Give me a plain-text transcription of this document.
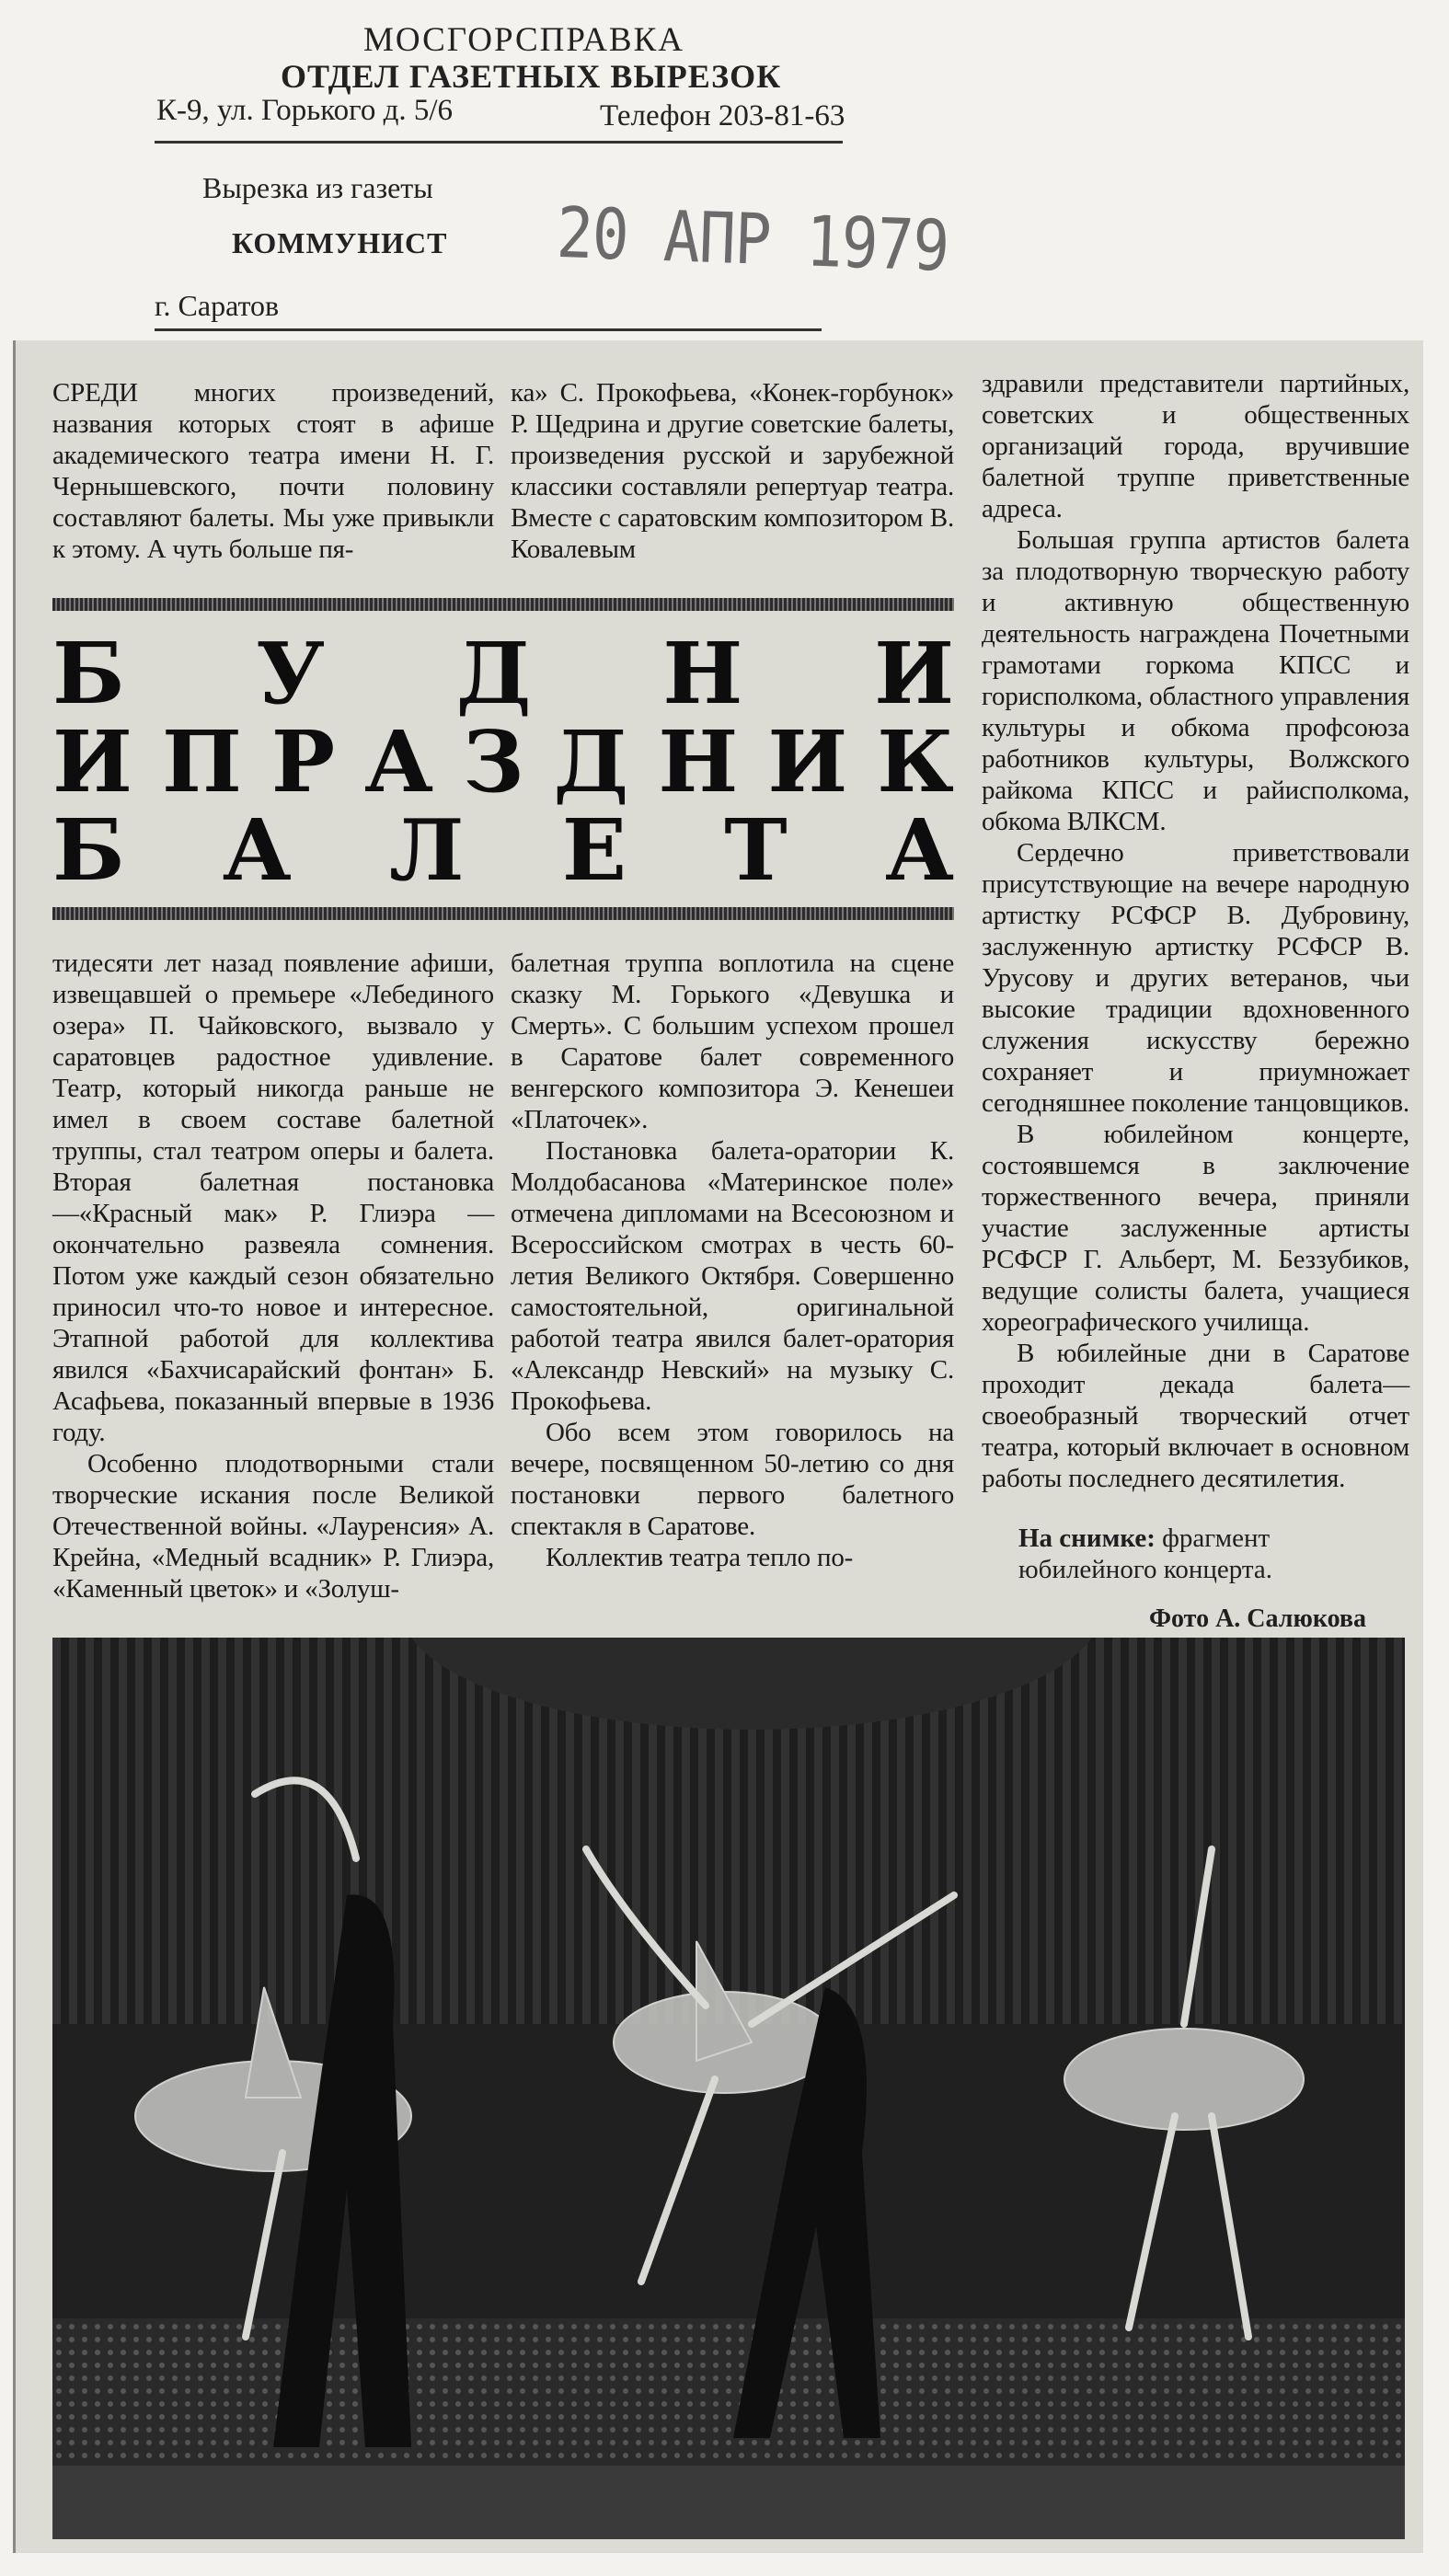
МОСГОРСПРАВКА
ОТДЕЛ ГАЗЕТНЫХ ВЫРЕЗОК
К-9, ул. Горького д. 5/6	Телефон 203-81-63
Вырезка из газеты
КОММУНИСТ 20 АПР 1979
г. Саратов

СРЕДИ многих произведений, названия которых стоят в афише академического театра имени Н. Г. Чернышевского, почти половину составляют балеты. Мы уже привыкли к этому. А чуть больше пя-

ка» С. Прокофьева, «Конек-горбунок» Р. Щедрина и другие советские балеты, произведения русской и зарубежной классики составляли репертуар театра. Вместе с саратовским композитором В. Ковалевым

Б У Д Н И
И П Р А З Д Н И К
Б А Л Е Т А

тидесяти лет назад появление афиши, извещавшей о премьере «Лебединого озера» П. Чайковского, вызвало у саратовцев радостное удивление. Театр, который никогда раньше не имел в своем составе балетной труппы, стал театром оперы и балета. Вторая балетная постановка—«Красный мак» Р. Глиэра — окончательно развеяла сомнения. Потом уже каждый сезон обязательно приносил что-то новое и интересное. Этапной работой для коллектива явился «Бахчисарайский фонтан» Б. Асафьева, показанный впервые в 1936 году.

Особенно плодотворными стали творческие искания после Великой Отечественной войны. «Лауренсия» А. Крейна, «Медный всадник» Р. Глиэра, «Каменный цветок» и «Золуш-

балетная труппа воплотила на сцене сказку М. Горького «Девушка и Смерть». С большим успехом прошел в Саратове балет современного венгерского композитора Э. Кенешеи «Платочек».

Постановка балета-оратории К. Молдобасанова «Материнское поле» отмечена дипломами на Всесоюзном и Всероссийском смотрах в честь 60-летия Великого Октября. Совершенно самостоятельной, оригинальной работой театра явился балет-оратория «Александр Невский» на музыку С. Прокофьева.

Обо всем этом говорилось на вечере, посвященном 50-летию со дня постановки первого балетного спектакля в Саратове.

Коллектив театра тепло по-

здравили представители партийных, советских и общественных организаций города, вручившие балетной труппе приветственные адреса.

Большая группа артистов балета за плодотворную творческую работу и активную общественную деятельность награждена Почетными грамотами горкома КПСС и горисполкома, областного управления культуры и обкома профсоюза работников культуры, Волжского райкома КПСС и райисполкома, обкома ВЛКСМ.

Сердечно приветствовали присутствующие на вечере народную артистку РСФСР В. Дубровину, заслуженную артистку РСФСР В. Урусову и других ветеранов, чьи высокие традиции вдохновенного служения искусству бережно сохраняет и приумножает сегодняшнее поколение танцовщиков.

В юбилейном концерте, состоявшемся в заключение торжественного вечера, приняли участие заслуженные артисты РСФСР Г. Альберт, М. Беззубиков, ведущие солисты балета, учащиеся хореографического училища.

В юбилейные дни в Саратове проходит декада балета—своеобразный творческий отчет театра, который включает в основном работы последнего десятилетия.

На снимке: фрагмент юбилейного концерта.
Фото А. Салюкова
